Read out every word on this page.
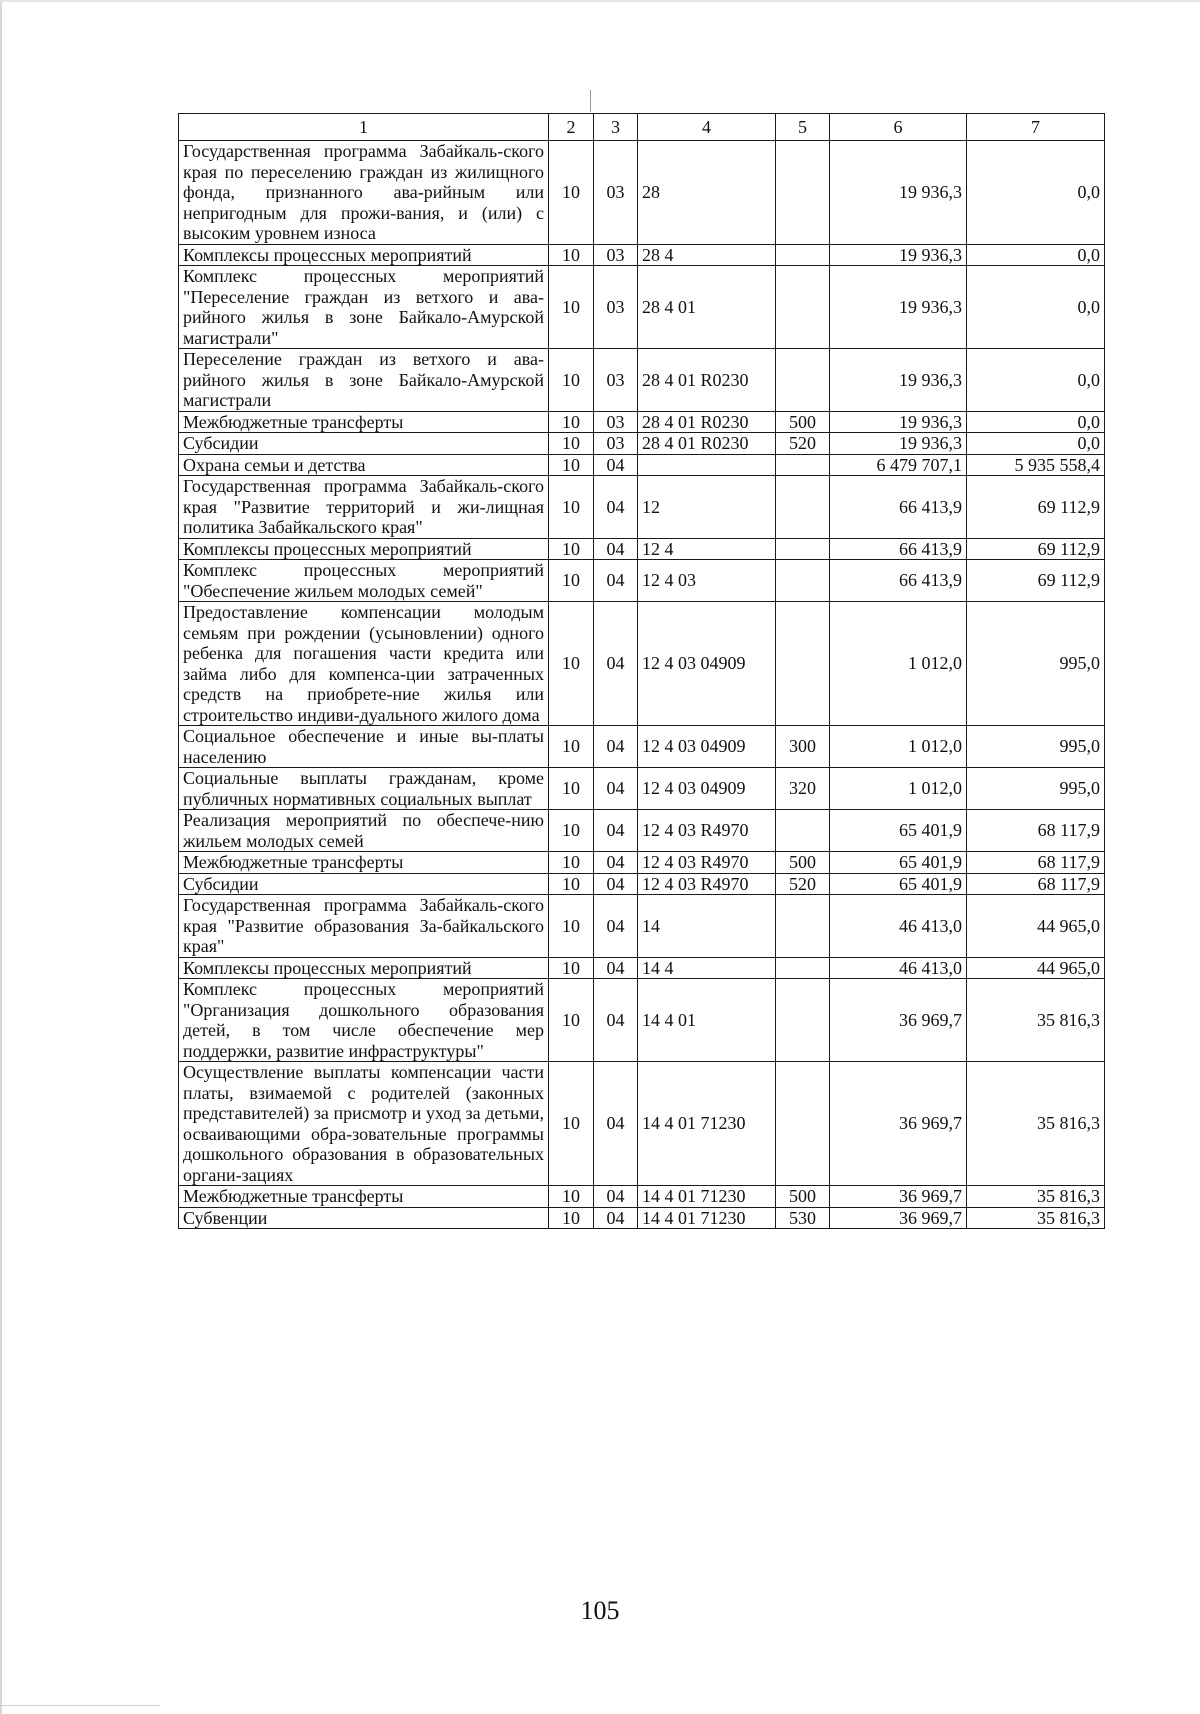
1	2	3	4	5	6	7
Государственная программа Забайкаль-ского края по переселению граждан из жилищного фонда, признанного ава-рийным или непригодным для прожи-вания, и (или) с высоким уровнем износа	10	03	28		19 936,3	0,0
Комплексы процессных мероприятий	10	03	28 4		19 936,3	0,0
Комплекс процессных мероприятий "Переселение граждан из ветхого и ава-рийного жилья в зоне Байкало-Амурской магистрали"	10	03	28 4 01		19 936,3	0,0
Переселение граждан из ветхого и ава-рийного жилья в зоне Байкало-Амурской магистрали	10	03	28 4 01 R0230		19 936,3	0,0
Межбюджетные трансферты	10	03	28 4 01 R0230	500	19 936,3	0,0
Субсидии	10	03	28 4 01 R0230	520	19 936,3	0,0
Охрана семьи и детства	10	04			6 479 707,1	5 935 558,4
Государственная программа Забайкаль-ского края "Развитие территорий и жи-лищная политика Забайкальского края"	10	04	12		66 413,9	69 112,9
Комплексы процессных мероприятий	10	04	12 4		66 413,9	69 112,9
Комплекс процессных мероприятий "Обеспечение жильем молодых семей"	10	04	12 4 03		66 413,9	69 112,9
Предоставление компенсации молодым семьям при рождении (усыновлении) одного ребенка для погашения части кредита или займа либо для компенса-ции затраченных средств на приобрете-ние жилья или строительство индиви-дуального жилого дома	10	04	12 4 03 04909		1 012,0	995,0
Социальное обеспечение и иные вы-платы населению	10	04	12 4 03 04909	300	1 012,0	995,0
Социальные выплаты гражданам, кроме публичных нормативных социальных выплат	10	04	12 4 03 04909	320	1 012,0	995,0
Реализация мероприятий по обеспече-нию жильем молодых семей	10	04	12 4 03 R4970		65 401,9	68 117,9
Межбюджетные трансферты	10	04	12 4 03 R4970	500	65 401,9	68 117,9
Субсидии	10	04	12 4 03 R4970	520	65 401,9	68 117,9
Государственная программа Забайкаль-ского края "Развитие образования За-байкальского края"	10	04	14		46 413,0	44 965,0
Комплексы процессных мероприятий	10	04	14 4		46 413,0	44 965,0
Комплекс процессных мероприятий "Организация дошкольного образования детей, в том числе обеспечение мер поддержки, развитие инфраструктуры"	10	04	14 4 01		36 969,7	35 816,3
Осуществление выплаты компенсации части платы, взимаемой с родителей (законных представителей) за присмотр и уход за детьми, осваивающими обра-зовательные программы дошкольного образования в образовательных органи-зациях	10	04	14 4 01 71230		36 969,7	35 816,3
Межбюджетные трансферты	10	04	14 4 01 71230	500	36 969,7	35 816,3
Субвенции	10	04	14 4 01 71230	530	36 969,7	35 816,3
105
